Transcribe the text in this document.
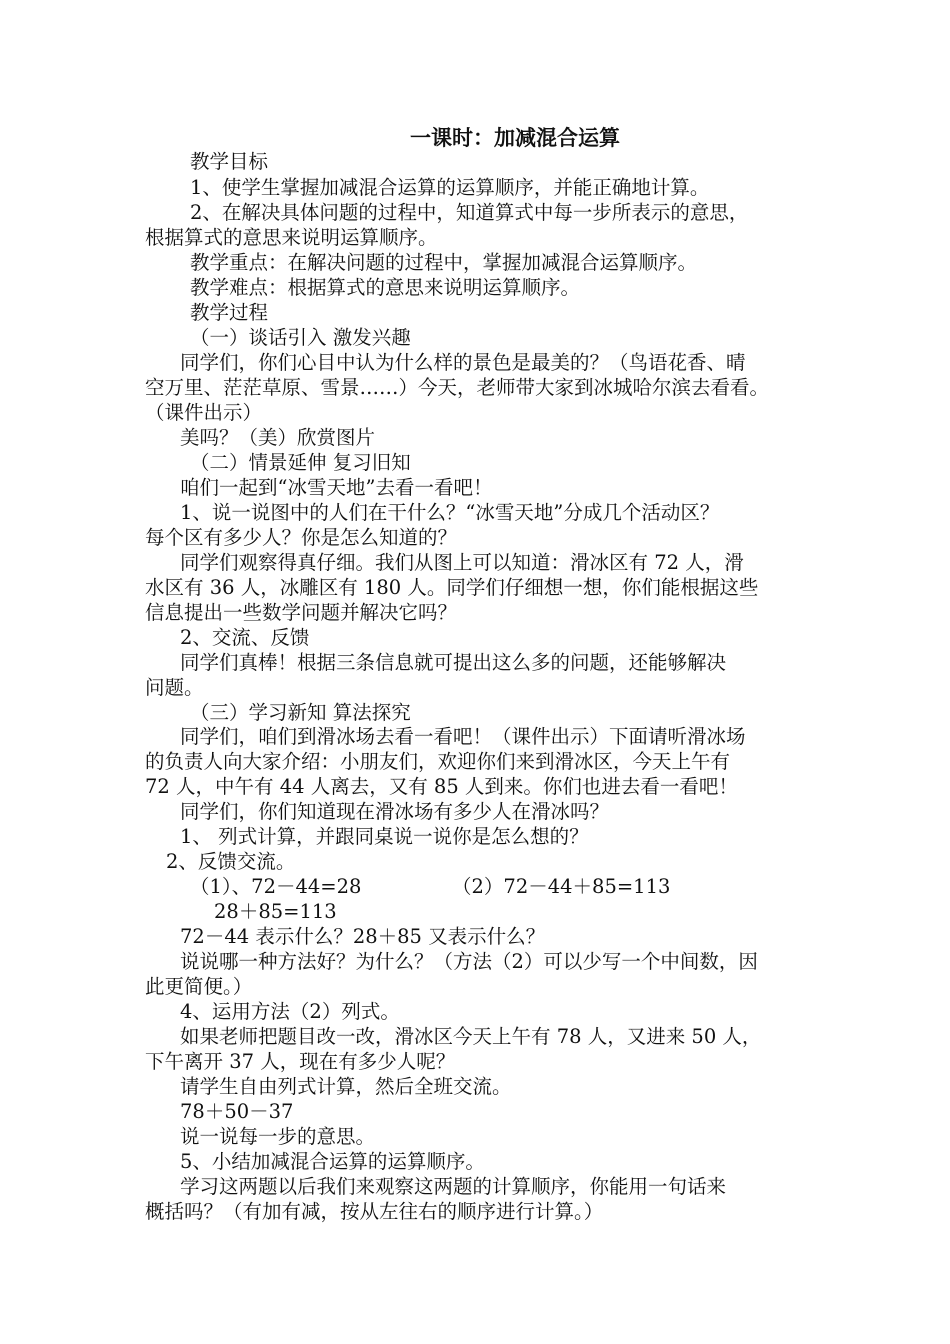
一课时：加减混合运算
教学目标
1、使学生掌握加减混合运算的运算顺序，并能正确地计算。
2、在解决具体问题的过程中，知道算式中每一步所表示的意思，
根据算式的意思来说明运算顺序。
教学重点：在解决问题的过程中，掌握加减混合运算顺序。
教学难点：根据算式的意思来说明运算顺序。
教学过程
（一）谈话引入 激发兴趣
同学们，你们心目中认为什么样的景色是最美的？（鸟语花香、晴
空万里、茫茫草原、雪景……）今天，老师带大家到冰城哈尔滨去看看。
（课件出示）
美吗？（美）欣赏图片
（二）情景延伸 复习旧知
咱们一起到“冰雪天地”去看一看吧！
1、说一说图中的人们在干什么？“冰雪天地”分成几个活动区？
每个区有多少人？你是怎么知道的？
同学们观察得真仔细。我们从图上可以知道：滑冰区有 72 人，滑
水区有 36 人，冰雕区有 180 人。同学们仔细想一想，你们能根据这些
信息提出一些数学问题并解决它吗？
2、交流、反馈
同学们真棒！根据三条信息就可提出这么多的问题，还能够解决
问题。
（三）学习新知 算法探究
同学们，咱们到滑冰场去看一看吧！（课件出示）下面请听滑冰场
的负责人向大家介绍：小朋友们，欢迎你们来到滑冰区，今天上午有
72 人，中午有 44 人离去，又有 85 人到来。你们也进去看一看吧！
同学们，你们知道现在滑冰场有多少人在滑冰吗？
1、 列式计算，并跟同桌说一说你是怎么想的？
2、反馈交流。
（1）、72－44=28	（2）72－44＋85=113
28＋85=113
72－44 表示什么？28＋85 又表示什么？
说说哪一种方法好？为什么？（方法（2）可以少写一个中间数，因
此更简便。）
4、运用方法（2）列式。
如果老师把题目改一改，滑冰区今天上午有 78 人，又进来 50 人，
下午离开 37 人，现在有多少人呢？
请学生自由列式计算，然后全班交流。
78＋50－37
说一说每一步的意思。
5、小结加减混合运算的运算顺序。
学习这两题以后我们来观察这两题的计算顺序，你能用一句话来
概括吗？（有加有减，按从左往右的顺序进行计算。）
